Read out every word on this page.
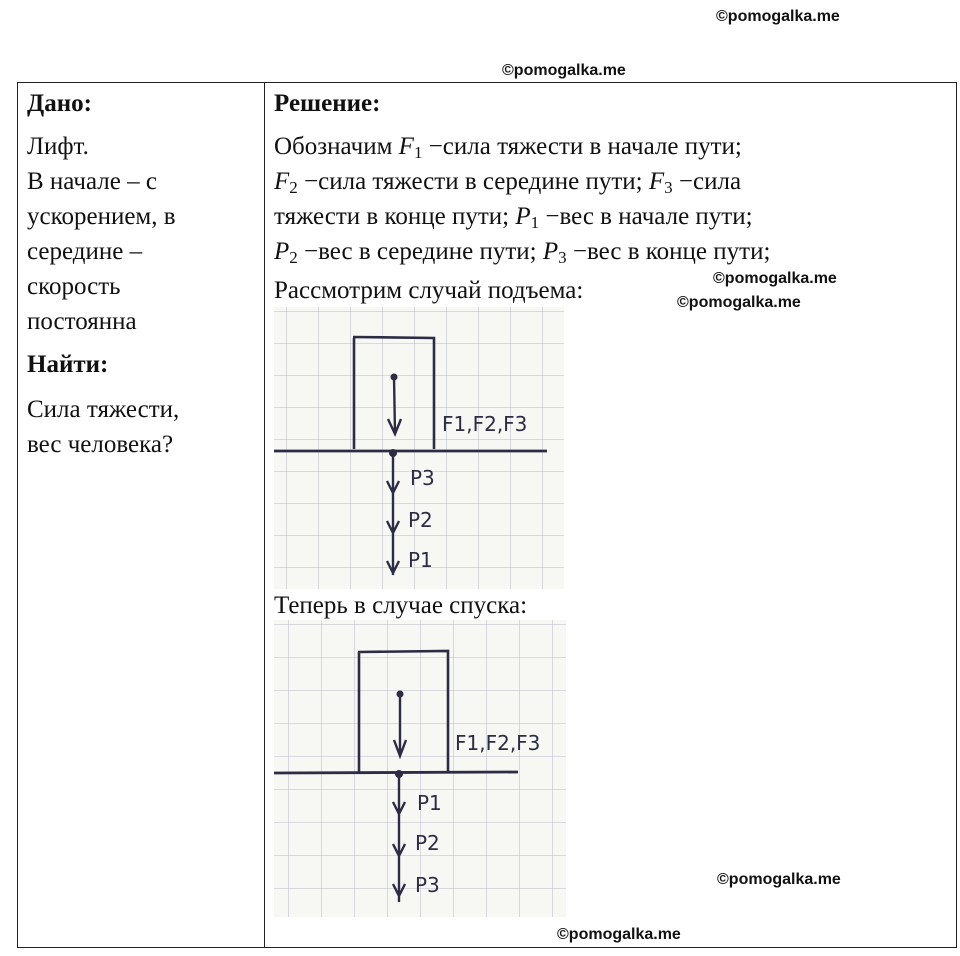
©pomogalka.me
©pomogalka.me
Дано:
Лифт.
В начале – с
ускорением, в
середине –
скорость
постоянна
Найти:
Сила тяжести,
вес человека?
Решение:
Обозначим $F_1$ −сила тяжести в начале пути;
$F_2$ −сила тяжести в середине пути; $F_3$ −сила
тяжести в конце пути; $P_1 -вес$ в начале пути;
$P_2 -вес$ в середине пути; $P_3 -вес$ в конце пути;
Рассмотрим случай подъема:
F1,F2,F3
P3
P2
P1
Теперь в случае спуска:
F1,F2,F3
P1
P2
P3
©pomogalka.me
©pomogalka.me
©pomogalka.me
©pomogalka.me
